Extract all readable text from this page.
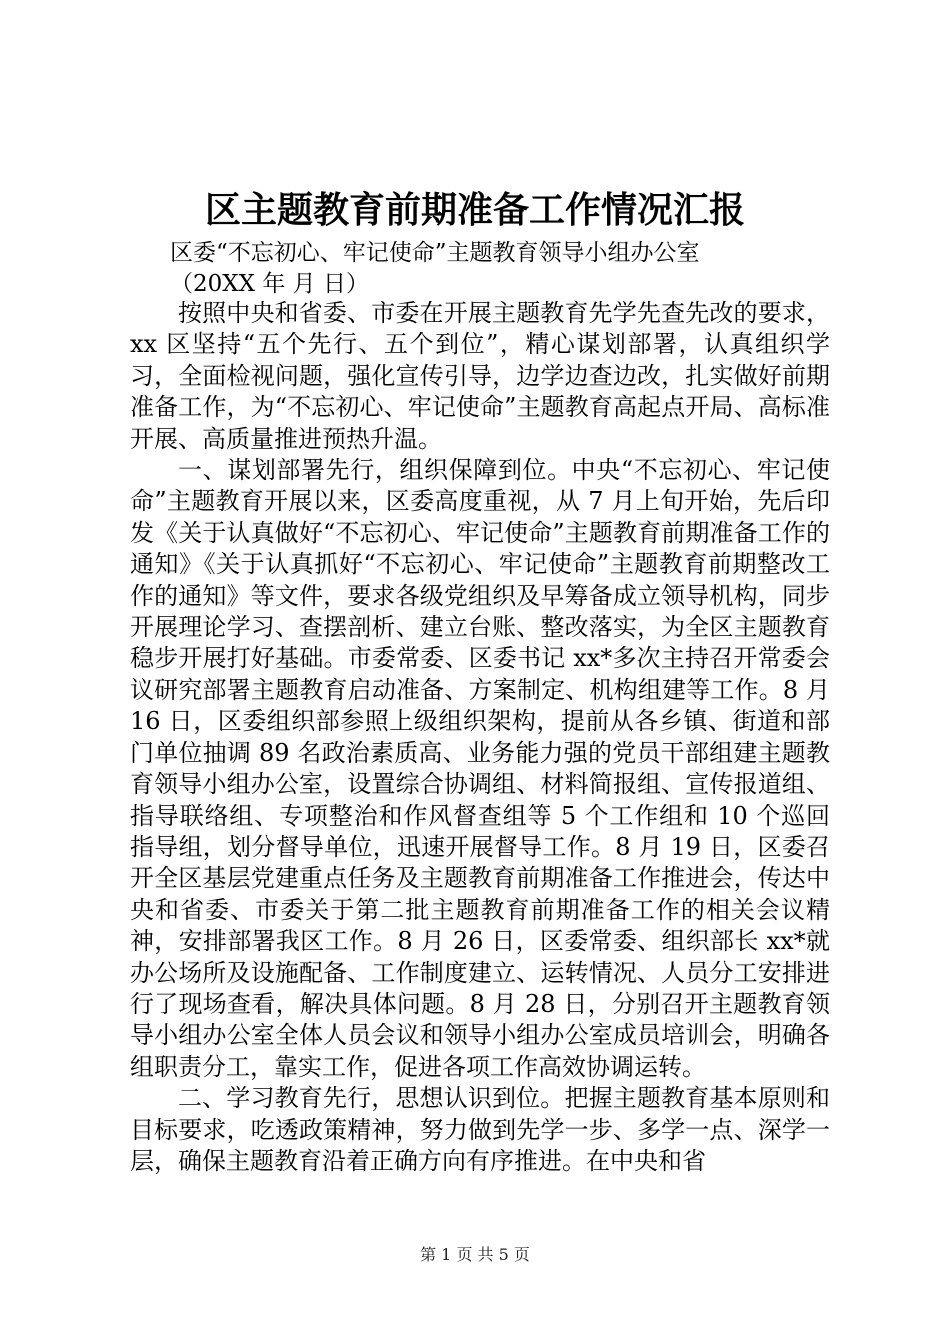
区主题教育前期准备工作情况汇报
区委“不忘初心、牢记使命”主题教育领导小组办公室
（20XX 年 月 日）

按照中央和省委、市委在开展主题教育先学先查先改的要求，xx 区坚持“五个先行、五个到位”，精心谋划部署，认真组织学习，全面检视问题，强化宣传引导，边学边查边改，扎实做好前期准备工作，为“不忘初心、牢记使命”主题教育高起点开局、高标准开展、高质量推进预热升温。

一、谋划部署先行，组织保障到位。中央“不忘初心、牢记使命”主题教育开展以来，区委高度重视，从 7 月上旬开始，先后印发《关于认真做好“不忘初心、牢记使命”主题教育前期准备工作的通知》《关于认真抓好“不忘初心、牢记使命”主题教育前期整改工作的通知》等文件，要求各级党组织及早筹备成立领导机构，同步开展理论学习、查摆剖析、建立台账、整改落实，为全区主题教育稳步开展打好基础。市委常委、区委书记 xx*多次主持召开常委会议研究部署主题教育启动准备、方案制定、机构组建等工作。8 月 16 日，区委组织部参照上级组织架构，提前从各乡镇、街道和部门单位抽调 89 名政治素质高、业务能力强的党员干部组建主题教育领导小组办公室，设置综合协调组、材料简报组、宣传报道组、指导联络组、专项整治和作风督查组等 5 个工作组和 10 个巡回指导组，划分督导单位，迅速开展督导工作。8 月 19 日，区委召开全区基层党建重点任务及主题教育前期准备工作推进会，传达中央和省委、市委关于第二批主题教育前期准备工作的相关会议精神，安排部署我区工作。8 月 26 日，区委常委、组织部长 xx*就办公场所及设施配备、工作制度建立、运转情况、人员分工安排进行了现场查看，解决具体问题。8 月 28 日，分别召开主题教育领导小组办公室全体人员会议和领导小组办公室成员培训会，明确各组职责分工，靠实工作，促进各项工作高效协调运转。

二、学习教育先行，思想认识到位。把握主题教育基本原则和目标要求，吃透政策精神，努力做到先学一步、多学一点、深学一层，确保主题教育沿着正确方向有序推进。在中央和省

第 1 页 共 5 页
